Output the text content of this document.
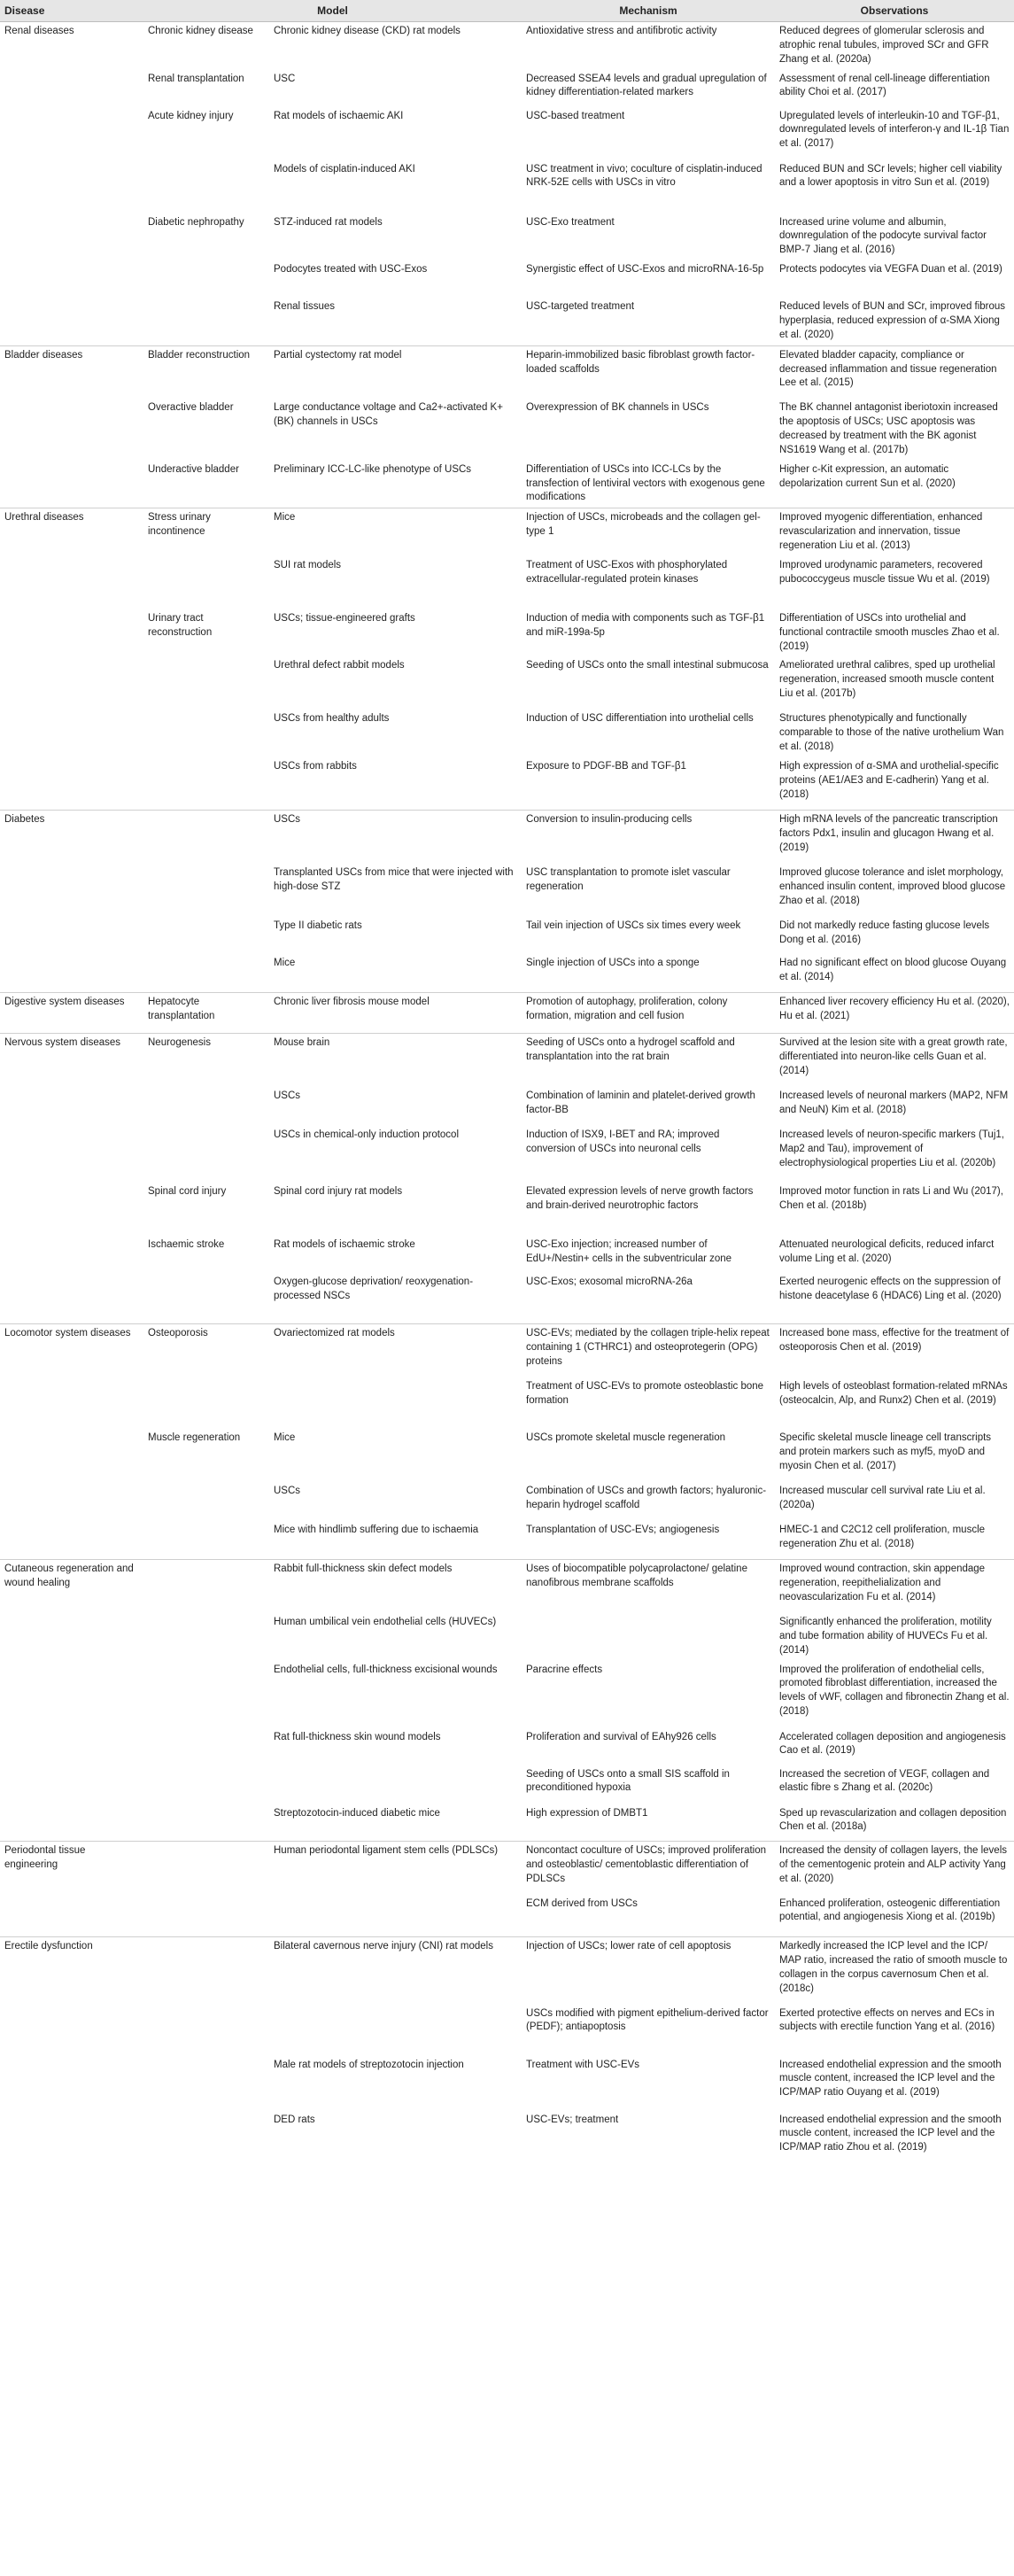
Disease	Model		Mechanism	Observations
Renal diseases	Chronic kidney disease	Chronic kidney disease (CKD) rat models	Antioxidative stress and antifibrotic activity	Reduced degrees of glomerular sclerosis and atrophic renal tubules, improved SCr and GFR Zhang et al. (2020a)
	Renal transplantation	USC	Decreased SSEA4 levels and gradual upregulation of kidney differentiation-related markers	Assessment of renal cell-lineage differentiation ability Choi et al. (2017)
	Acute kidney injury	Rat models of ischaemic AKI	USC-based treatment	Upregulated levels of interleukin-10 and TGF-β1, downregulated levels of interferon-γ and IL-1β Tian et al. (2017)
		Models of cisplatin-induced AKI	USC treatment in vivo; coculture of cisplatin-induced NRK-52E cells with USCs in vitro	Reduced BUN and SCr levels; higher cell viability and a lower apoptosis in vitro Sun et al. (2019)
	Diabetic nephropathy	STZ-induced rat models	USC-Exo treatment	Increased urine volume and albumin, downregulation of the podocyte survival factor BMP-7 Jiang et al. (2016)
		Podocytes treated with USC-Exos	Synergistic effect of USC-Exos and microRNA-16-5p	Protects podocytes via VEGFA Duan et al. (2019)
		Renal tissues	USC-targeted treatment	Reduced levels of BUN and SCr, improved fibrous hyperplasia, reduced expression of α-SMA Xiong et al. (2020)
Bladder diseases	Bladder reconstruction	Partial cystectomy rat model	Heparin-immobilized basic fibroblast growth factor-loaded scaffolds	Elevated bladder capacity, compliance or decreased inflammation and tissue regeneration Lee et al. (2015)
	Overactive bladder	Large conductance voltage and Ca2+-activated K+ (BK) channels in USCs	Overexpression of BK channels in USCs	The BK channel antagonist iberiotoxin increased the apoptosis of USCs; USC apoptosis was decreased by treatment with the BK agonist NS1619 Wang et al. (2017b)
	Underactive bladder	Preliminary ICC-LC-like phenotype of USCs	Differentiation of USCs into ICC-LCs by the transfection of lentiviral vectors with exogenous gene modifications	Higher c-Kit expression, an automatic depolarization current Sun et al. (2020)
Urethral diseases	Stress urinary incontinence	Mice	Injection of USCs, microbeads and the collagen gel-type 1	Improved myogenic differentiation, enhanced revascularization and innervation, tissue regeneration Liu et al. (2013)
		SUI rat models	Treatment of USC-Exos with phosphorylated extracellular-regulated protein kinases	Improved urodynamic parameters, recovered pubococcygeus muscle tissue Wu et al. (2019)
	Urinary tract reconstruction	USCs; tissue-engineered grafts	Induction of media with components such as TGF-β1 and miR-199a-5p	Differentiation of USCs into urothelial and functional contractile smooth muscles Zhao et al. (2019)
		Urethral defect rabbit models	Seeding of USCs onto the small intestinal submucosa	Ameliorated urethral calibres, sped up urothelial regeneration, increased smooth muscle content Liu et al. (2017b)
		USCs from healthy adults	Induction of USC differentiation into urothelial cells	Structures phenotypically and functionally comparable to those of the native urothelium Wan et al. (2018)
		USCs from rabbits	Exposure to PDGF-BB and TGF-β1	High expression of α-SMA and urothelial-specific proteins (AE1/AE3 and E-cadherin) Yang et al. (2018)
Diabetes		USCs	Conversion to insulin-producing cells	High mRNA levels of the pancreatic transcription factors Pdx1, insulin and glucagon Hwang et al. (2019)
		Transplanted USCs from mice that were injected with high-dose STZ	USC transplantation to promote islet vascular regeneration	Improved glucose tolerance and islet morphology, enhanced insulin content, improved blood glucose Zhao et al. (2018)
		Type II diabetic rats	Tail vein injection of USCs six times every week	Did not markedly reduce fasting glucose levels Dong et al. (2016)
		Mice	Single injection of USCs into a sponge	Had no significant effect on blood glucose Ouyang et al. (2014)
Digestive system diseases	Hepatocyte transplantation	Chronic liver fibrosis mouse model	Promotion of autophagy, proliferation, colony formation, migration and cell fusion	Enhanced liver recovery efficiency Hu et al. (2020), Hu et al. (2021)
Nervous system diseases	Neurogenesis	Mouse brain	Seeding of USCs onto a hydrogel scaffold and transplantation into the rat brain	Survived at the lesion site with a great growth rate, differentiated into neuron-like cells Guan et al. (2014)
		USCs	Combination of laminin and platelet-derived growth factor-BB	Increased levels of neuronal markers (MAP2, NFM and NeuN) Kim et al. (2018)
		USCs in chemical-only induction protocol	Induction of ISX9, I-BET and RA; improved conversion of USCs into neuronal cells	Increased levels of neuron-specific markers (Tuj1, Map2 and Tau), improvement of electrophysiological properties Liu et al. (2020b)
	Spinal cord injury	Spinal cord injury rat models	Elevated expression levels of nerve growth factors and brain-derived neurotrophic factors	Improved motor function in rats Li and Wu (2017), Chen et al. (2018b)
	Ischaemic stroke	Rat models of ischaemic stroke	USC-Exo injection; increased number of EdU+/Nestin+ cells in the subventricular zone	Attenuated neurological deficits, reduced infarct volume Ling et al. (2020)
		Oxygen-glucose deprivation/ reoxygenation-processed NSCs	USC-Exos; exosomal microRNA-26a	Exerted neurogenic effects on the suppression of histone deacetylase 6 (HDAC6) Ling et al. (2020)
Locomotor system diseases	Osteoporosis	Ovariectomized rat models	USC-EVs; mediated by the collagen triple-helix repeat containing 1 (CTHRC1) and osteoprotegerin (OPG) proteins	Increased bone mass, effective for the treatment of osteoporosis Chen et al. (2019)
			Treatment of USC-EVs to promote osteoblastic bone formation	High levels of osteoblast formation-related mRNAs (osteocalcin, Alp, and Runx2) Chen et al. (2019)
	Muscle regeneration	Mice	USCs promote skeletal muscle regeneration	Specific skeletal muscle lineage cell transcripts and protein markers such as myf5, myoD and myosin Chen et al. (2017)
		USCs	Combination of USCs and growth factors; hyaluronic-heparin hydrogel scaffold	Increased muscular cell survival rate Liu et al. (2020a)
		Mice with hindlimb suffering due to ischaemia	Transplantation of USC-EVs; angiogenesis	HMEC-1 and C2C12 cell proliferation, muscle regeneration Zhu et al. (2018)
Cutaneous regeneration and wound healing		Rabbit full-thickness skin defect models	Uses of biocompatible polycaprolactone/ gelatine nanofibrous membrane scaffolds	Improved wound contraction, skin appendage regeneration, reepithelialization and neovascularization Fu et al. (2014)
		Human umbilical vein endothelial cells (HUVECs)		Significantly enhanced the proliferation, motility and tube formation ability of HUVECs Fu et al. (2014)
		Endothelial cells, full-thickness excisional wounds	Paracrine effects	Improved the proliferation of endothelial cells, promoted fibroblast differentiation, increased the levels of vWF, collagen and fibronectin Zhang et al. (2018)
		Rat full-thickness skin wound models	Proliferation and survival of EAhy926 cells	Accelerated collagen deposition and angiogenesis Cao et al. (2019)
			Seeding of USCs onto a small SIS scaffold in preconditioned hypoxia	Increased the secretion of VEGF, collagen and elastic fibre s Zhang et al. (2020c)
		Streptozotocin-induced diabetic mice	High expression of DMBT1	Sped up revascularization and collagen deposition Chen et al. (2018a)
Periodontal tissue engineering		Human periodontal ligament stem cells (PDLSCs)	Noncontact coculture of USCs; improved proliferation and osteoblastic/ cementoblastic differentiation of PDLSCs	Increased the density of collagen layers, the levels of the cementogenic protein and ALP activity Yang et al. (2020)
			ECM derived from USCs	Enhanced proliferation, osteogenic differentiation potential, and angiogenesis Xiong et al. (2019b)
Erectile dysfunction		Bilateral cavernous nerve injury (CNI) rat models	Injection of USCs; lower rate of cell apoptosis	Markedly increased the ICP level and the ICP/ MAP ratio, increased the ratio of smooth muscle to collagen in the corpus cavernosum Chen et al. (2018c)
			USCs modified with pigment epithelium-derived factor (PEDF); antiapoptosis	Exerted protective effects on nerves and ECs in subjects with erectile function Yang et al. (2016)
		Male rat models of streptozotocin injection	Treatment with USC-EVs	Increased endothelial expression and the smooth muscle content, increased the ICP level and the ICP/MAP ratio Ouyang et al. (2019)
		DED rats	USC-EVs; treatment	Increased endothelial expression and the smooth muscle content, increased the ICP level and the ICP/MAP ratio Zhou et al. (2019)
